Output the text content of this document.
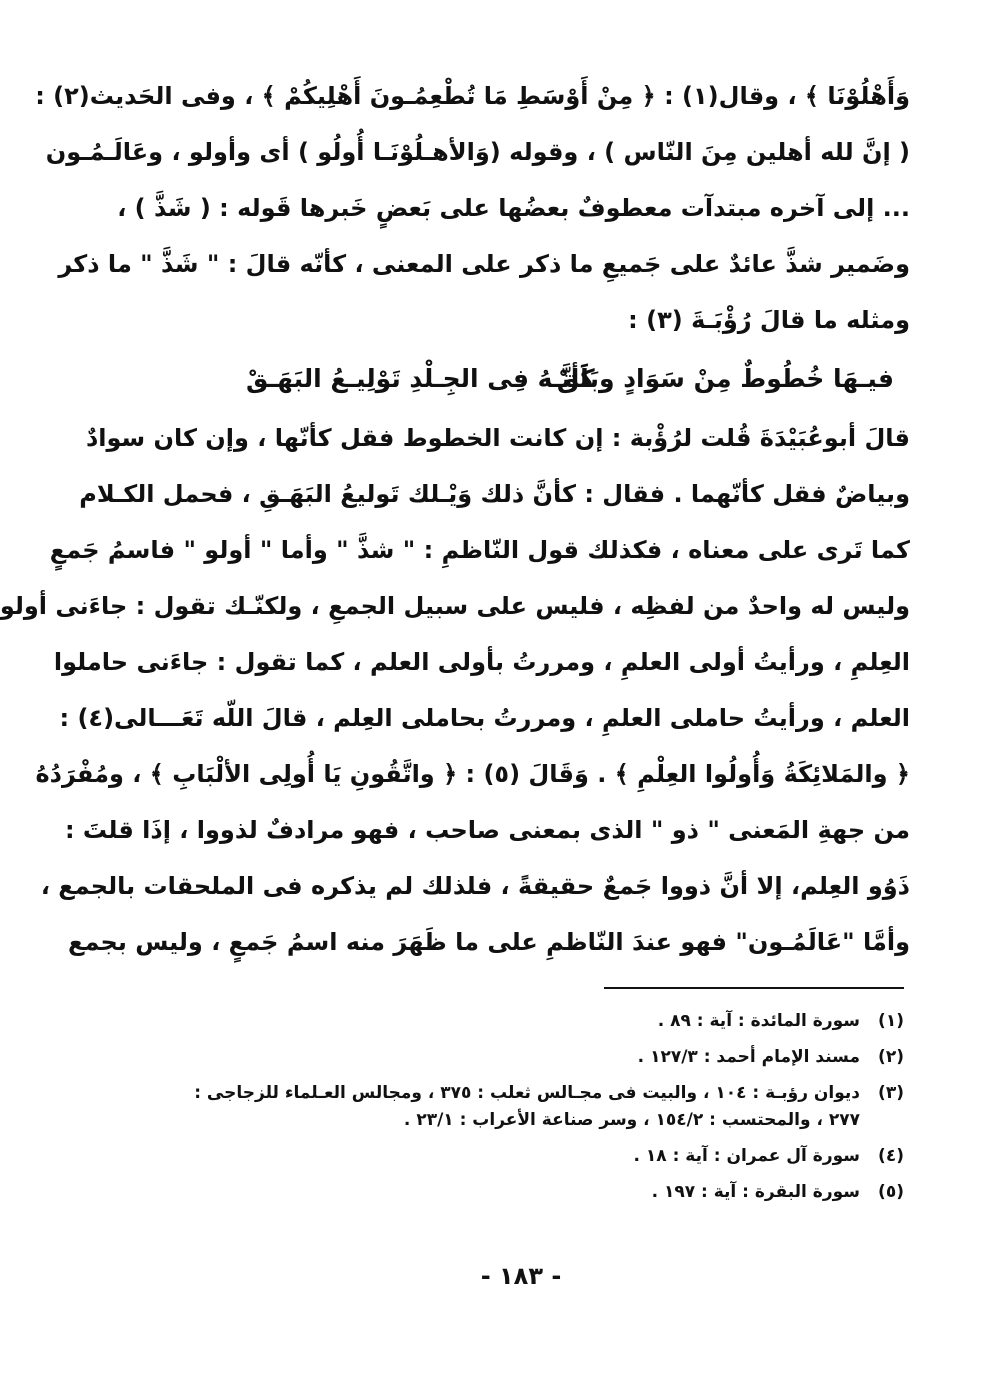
وَأَهْلُوْنَا ﴾ ، وقال(١) : ﴿ مِنْ أَوْسَطِ مَا تُطْعِمُـونَ أَهْلِيكُمْ ﴾ ، وفى الحَديث(٢) :
( إنَّ لله أهلين مِنَ النّاس ) ، وقوله (وَالأهـلُوْنَـا أُولُو ) أى وأولو ، وعَالَـمُـون
... إلى آخره مبتدآت معطوفٌ بعضُها على بَعضٍ خَبرها قَوله : ( شَذَّ ) ،
وضَمير شذَّ عائدٌ على جَميعِ ما ذكر على المعنى ، كأنّه قالَ : " شَذَّ " ما ذكر
ومثله ما قالَ رُؤْبَـةَ (٣) :
فيـهَا خُطُوطٌ مِنْ سَوَادٍ وبَلَقْ
كَأنَّـهُ فِى الجِـلْدِ تَوْلِيـعُ البَهَـقْ
قالَ أبوعُبَيْدَةَ قُلت لرُؤْبة : إن كانت الخطوط فقل كأنّها ، وإن كان سوادٌ
وبياضٌ فقل كأنّهما . فقال : كأنَّ ذلك وَيْـلك تَوليعُ البَهَـقِ ، فحمل الكـلام
كما تَرى على معناه ، فكذلك قول النّاظمِ : " شذَّ " وأما " أولو " فاسمُ جَمعٍ
وليس له واحدٌ من لفظِه ، فليس على سبيل الجمعِ ، ولكنّـك تقول : جاءَنى أولو
العِلمِ ، ورأيتُ أولى العلمِ ، ومررتُ بأولى العلم ، كما تقول : جاءَنى حاملوا
العلم ، ورأيتُ حاملى العلمِ ، ومررتُ بحاملى العِلم ، قالَ اللّه تَعَـــالى(٤) :
﴿ والمَلائِكَةُ وَأُولُوا العِلْمِ ﴾ . وَقَالَ (٥) : ﴿ واتَّقُونِ يَا أُولِى الألْبَابِ ﴾ ، ومُفْرَدُهُ
من جهةِ المَعنى " ذو " الذى بمعنى صاحب ، فهو مرادفٌ لذووا ، إذَا قلتَ :
ذَوُو العِلم، إلا أنَّ ذووا جَمعٌ حقيقةً ، فلذلك لم يذكره فى الملحقات بالجمع ،
وأمَّا "عَالَمُـون" فهو عندَ النّاظمِ على ما ظَهَرَ منه اسمُ جَمعٍ ، وليس بجمع
(١)
سورة المائدة : آية : ٨٩ .
(٢)
مسند الإمام أحمد : ١٢٧/٣ .
(٣)
ديوان رؤبـة : ١٠٤ ، والبيت فى مجـالس ثعلب : ٣٧٥ ، ومجالس العـلماء للزجاجى :
٢٧٧ ، والمحتسب : ١٥٤/٢ ، وسر صناعة الأعراب : ٢٣/١ .
(٤)
سورة آل عمران : آية : ١٨ .
(٥)
سورة البقرة : آية : ١٩٧ .
- ١٨٣ -
